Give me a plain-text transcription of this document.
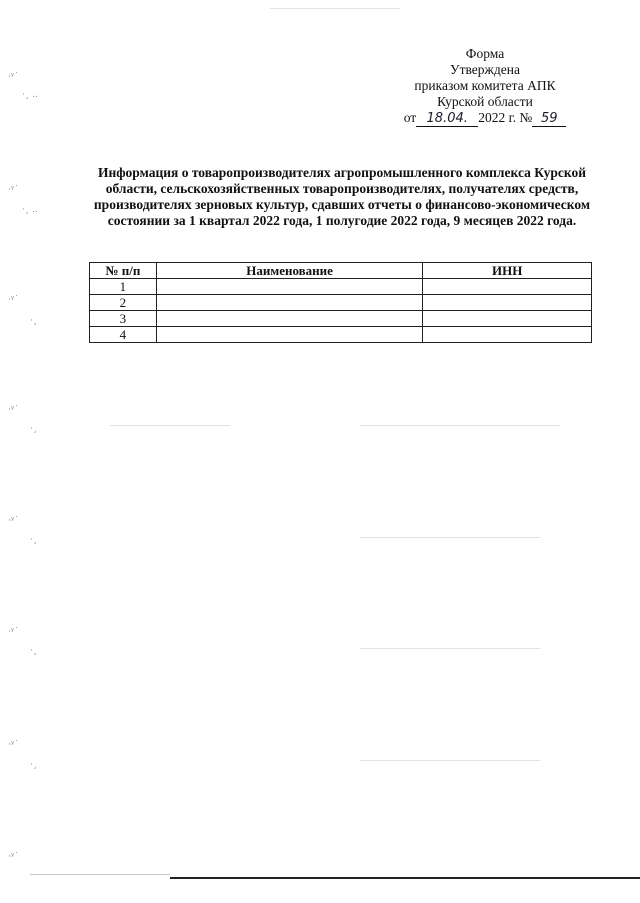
·ʸ˙
·¸ ..
·ʸ˙
·¸ ..
·ʸ˙
·¸
·ʸ˙
·¸
·ʸ˙
·¸
·ʸ˙
·¸
·ʸ˙
·¸
·ʸ˙
Форма
Утверждена
приказом комитета АПК
Курской области
от 18.04. 2022 г. № 59
Информация о товаропроизводителях агропромышленного комплекса Курской области, сельскохозяйственных товаропроизводителях, получателях средств, производителях зерновых культур, сдавших отчеты о финансово-экономическом состоянии за 1 квартал 2022 года, 1 полугодие 2022 года, 9 месяцев 2022 года.
№ п/п	Наименование	ИНН
1		
2		
3		
4		
